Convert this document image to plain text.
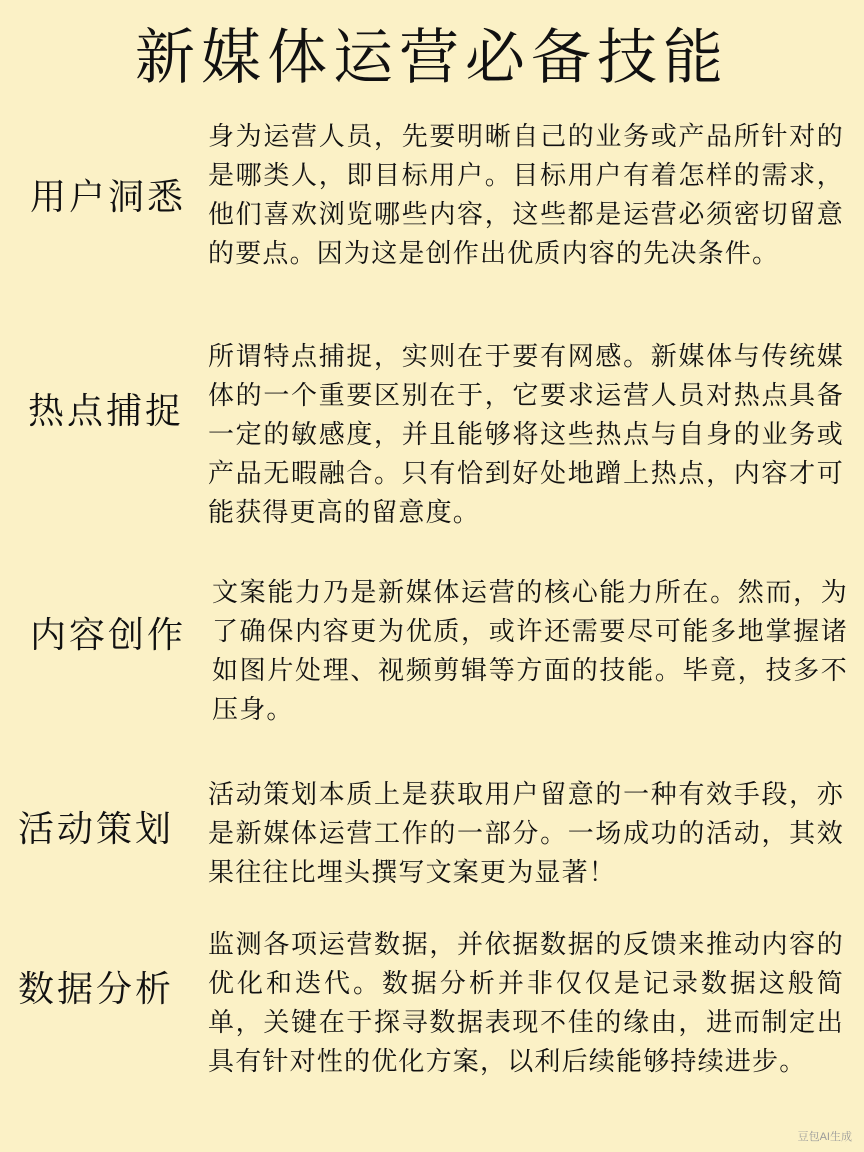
新媒体运营必备技能
用户洞悉
身为运营人员，先要明晰自己的业务或产品所针对的是哪类人，即目标用户。目标用户有着怎样的需求，他们喜欢浏览哪些内容，这些都是运营必须密切留意的要点。因为这是创作出优质内容的先决条件。
热点捕捉
所谓特点捕捉，实则在于要有网感。新媒体与传统媒体的一个重要区别在于，它要求运营人员对热点具备一定的敏感度，并且能够将这些热点与自身的业务或产品无暇融合。只有恰到好处地蹭上热点，内容才可能获得更高的留意度。
内容创作
文案能力乃是新媒体运营的核心能力所在。然而，为了确保内容更为优质，或许还需要尽可能多地掌握诸如图片处理、视频剪辑等方面的技能。毕竟，技多不压身。
活动策划
活动策划本质上是获取用户留意的一种有效手段，亦是新媒体运营工作的一部分。一场成功的活动，其效果往往比埋头撰写文案更为显著！
数据分析
监测各项运营数据，并依据数据的反馈来推动内容的优化和迭代。数据分析并非仅仅是记录数据这般简单，关键在于探寻数据表现不佳的缘由，进而制定出具有针对性的优化方案，以利后续能够持续进步。
豆包AI生成
